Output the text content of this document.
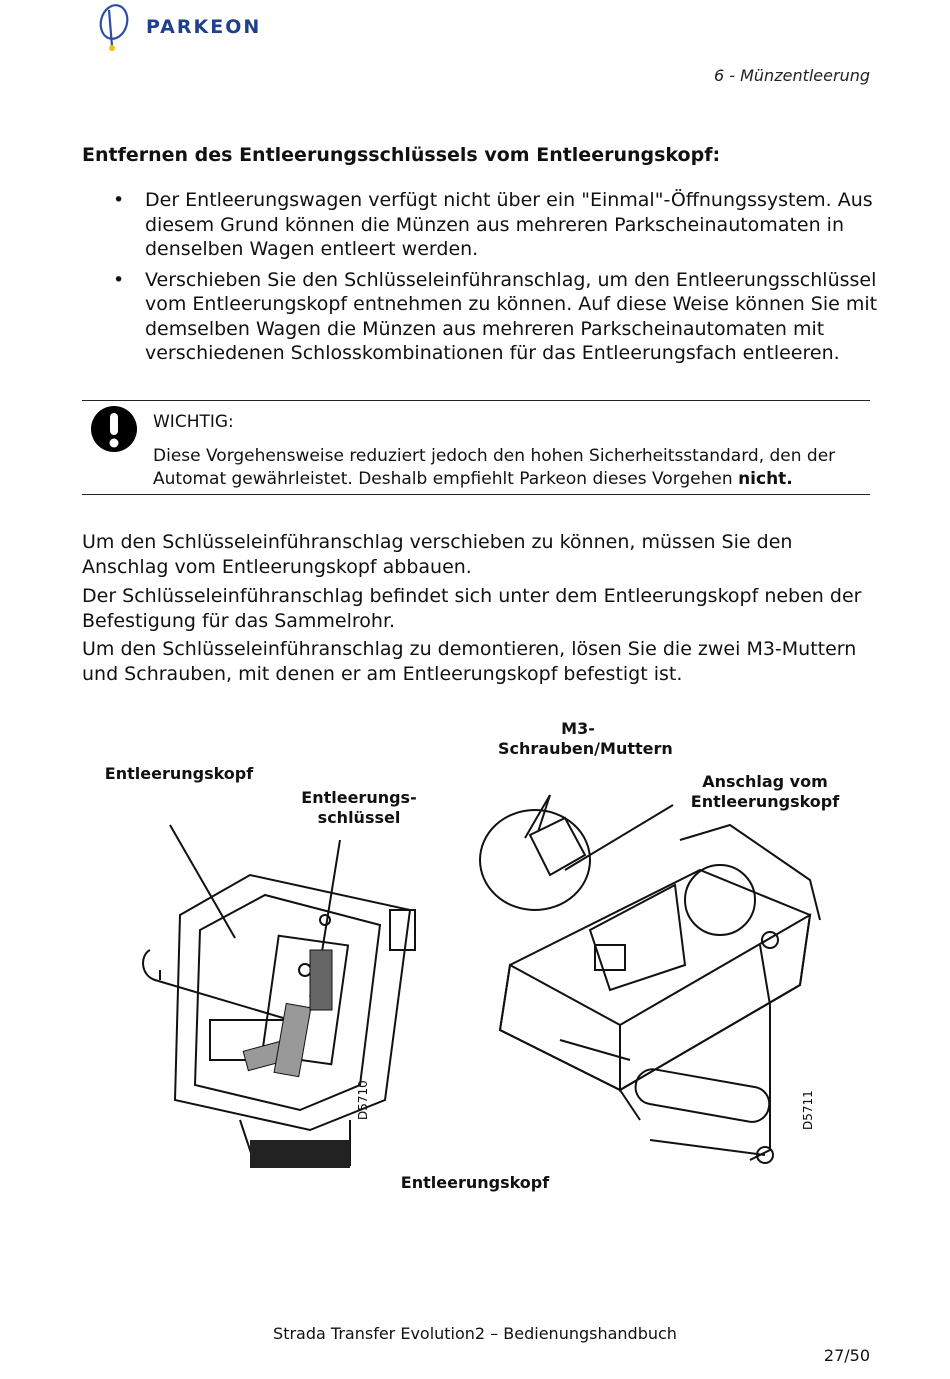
PARKEON
6 - Münzentleerung
Entfernen des Entleerungsschlüssels vom Entleerungskopf:
• Der Entleerungswagen verfügt nicht über ein "Einmal"-Öffnungssystem. Aus diesem Grund können die Münzen aus mehreren Parkscheinautomaten in denselben Wagen entleert werden.
• Verschieben Sie den Schlüsseleinführanschlag, um den Entleerungsschlüssel vom Entleerungskopf entnehmen zu können. Auf diese Weise können Sie mit demselben Wagen die Münzen aus mehreren Parkscheinautomaten mit verschiedenen Schlosskombinationen für das Entleerungsfach entleeren.
WICHTIG:
Diese Vorgehensweise reduziert jedoch den hohen Sicherheitsstandard, den der Automat gewährleistet. Deshalb empfiehlt Parkeon dieses Vorgehen nicht.
Um den Schlüsseleinführanschlag verschieben zu können, müssen Sie den Anschlag vom Entleerungskopf abbauen.
Der Schlüsseleinführanschlag befindet sich unter dem Entleerungskopf neben der Befestigung für das Sammelrohr.
Um den Schlüsseleinführanschlag zu demontieren, lösen Sie die zwei M3-Muttern und Schrauben, mit denen er am Entleerungskopf befestigt ist.
Entleerungskopf
Entleerungs-schlüssel
M3-Schrauben/Muttern
Anschlag vom Entleerungskopf
Entleerungskopf
D5710	D5711
Strada Transfer Evolution2 – Bedienungshandbuch
27/50
